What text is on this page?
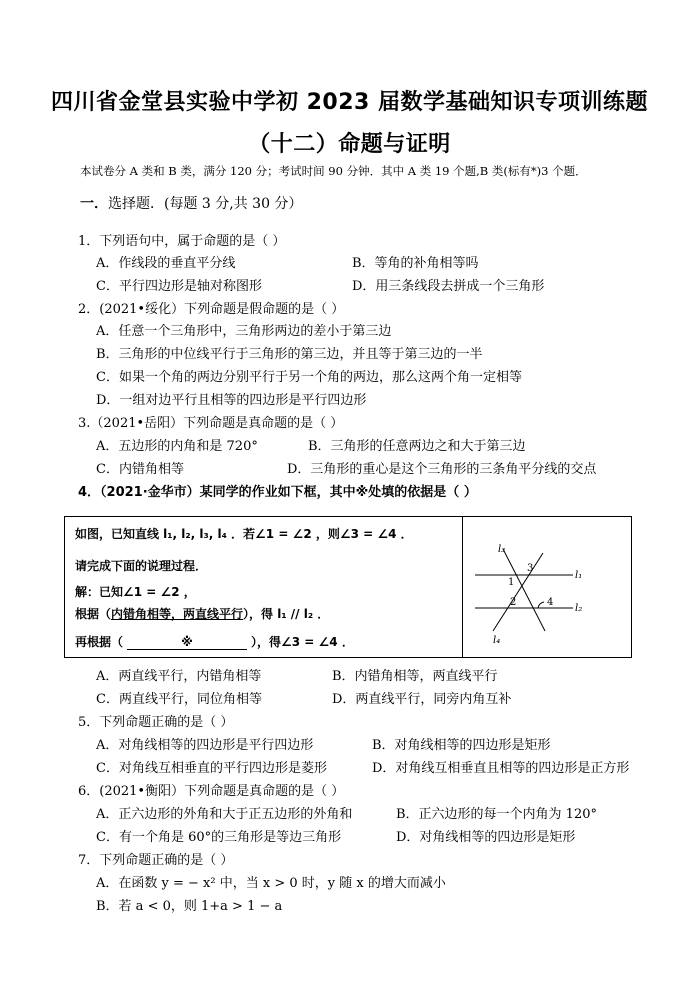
四川省金堂县实验中学初 2023 届数学基础知识专项训练题
（十二）命题与证明
本试卷分 A 类和 B 类，满分 120 分；考试时间 90 分钟．其中 A 类 19 个题,B 类(标有*)3 个题．
一．选择题．(每题 3 分,共 30 分）
1．下列语句中，属于命题的是（ ）
A．作线段的垂直平分线	B．等角的补角相等吗
C．平行四边形是轴对称图形	D．用三条线段去拼成一个三角形
2．(2021•绥化）下列命题是假命题的是（ ）
A．任意一个三角形中，三角形两边的差小于第三边
B．三角形的中位线平行于三角形的第三边，并且等于第三边的一半
C．如果一个角的两边分别平行于另一个角的两边，那么这两个角一定相等
D．一组对边平行且相等的四边形是平行四边形
3.（2021•岳阳）下列命题是真命题的是（ ）
A．五边形的内角和是 720°	B．三角形的任意两边之和大于第三边
C．内错角相等	D．三角形的重心是这个三角形的三条角平分线的交点
4．（2021·金华市）某同学的作业如下框，其中※处填的依据是（ ）
如图，已知直线 l₁, l₂, l₃, l₄ ．若∠1 = ∠2 ，则∠3 = ∠4 ．
请完成下面的说理过程．
解：已知∠1 = ∠2 ，
根据（内错角相等，两直线平行），得 l₁ // l₂ ．
再根据（	※	），得∠3 = ∠4 ．
l₃
l₁
l₂
l₄
1
2
3
4
A．两直线平行，内错角相等	B．内错角相等，两直线平行
C．两直线平行，同位角相等	D．两直线平行，同旁内角互补
5．下列命题正确的是（ ）
A．对角线相等的四边形是平行四边形	B．对角线相等的四边形是矩形
C．对角线互相垂直的平行四边形是菱形	D．对角线互相垂直且相等的四边形是正方形
6．(2021•衡阳）下列命题是真命题的是（ ）
A．正六边形的外角和大于正五边形的外角和	B．正六边形的每一个内角为 120°
C．有一个角是 60°的三角形是等边三角形	D．对角线相等的四边形是矩形
7．下列命题正确的是（ ）
A．在函数 y = − x² 中，当 x > 0 时，y 随 x 的增大而减小
B．若 a < 0，则 1+a > 1 − a
